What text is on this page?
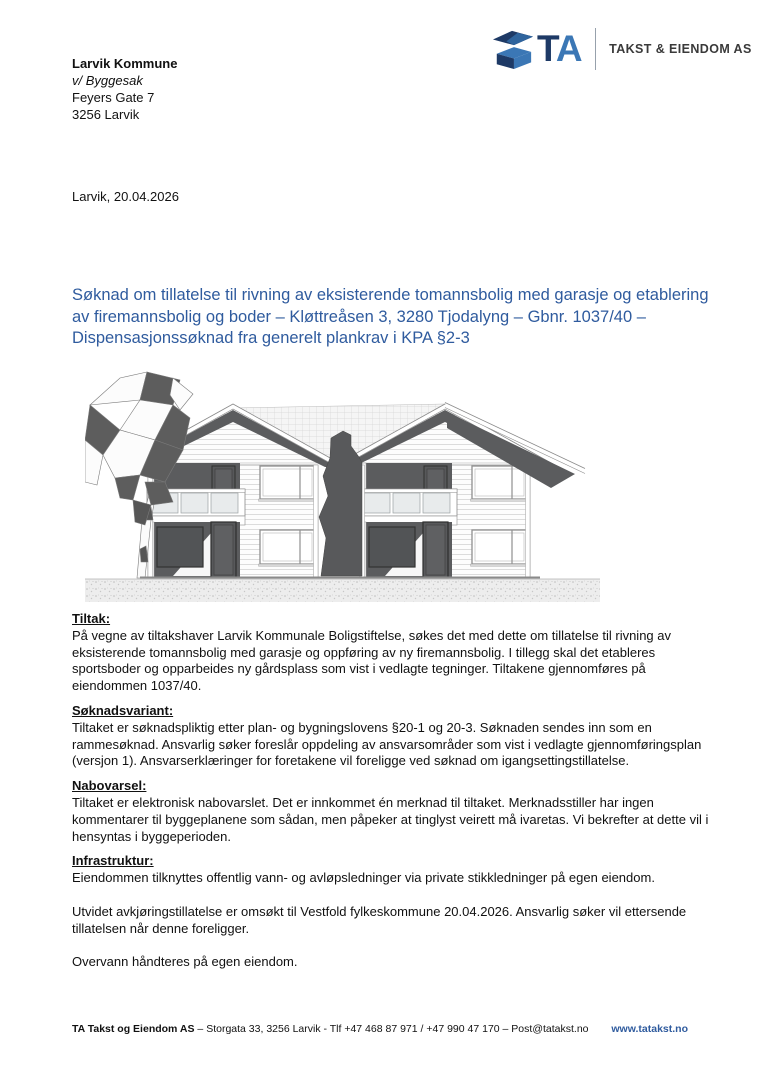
Larvik Kommune
v/ Byggesak
Feyers Gate 7
3256 Larvik
TA TAKST & EIENDOM AS
Larvik, 20.04.2026
Søknad om tillatelse til rivning av eksisterende tomannsbolig med garasje og etablering av firemannsbolig og boder – Kløttreåsen 3, 3280 Tjodalyng – Gbnr. 1037/40 – Dispensasjonssøknad fra generelt plankrav i KPA §2-3
Tiltak:

På vegne av tiltakshaver Larvik Kommunale Boligstiftelse, søkes det med dette om tillatelse til rivning av eksisterende tomannsbolig med garasje og oppføring av ny firemannsbolig. I tillegg skal det etableres sportsboder og opparbeides ny gårdsplass som vist i vedlagte tegninger. Tiltakene gjennomføres på eiendommen 1037/40.

Søknadsvariant:

Tiltaket er søknadspliktig etter plan- og bygningslovens §20-1 og 20-3. Søknaden sendes inn som en rammesøknad. Ansvarlig søker foreslår oppdeling av ansvarsområder som vist i vedlagte gjennomføringsplan (versjon 1). Ansvarserklæringer for foretakene vil foreligge ved søknad om igangsettingstillatelse.

Nabovarsel:

Tiltaket er elektronisk nabovarslet. Det er innkommet én merknad til tiltaket. Merknadsstiller har ingen kommentarer til byggeplanene som sådan, men påpeker at tinglyst veirett må ivaretas. Vi bekrefter at dette vil i hensyntas i byggeperioden.

Infrastruktur:

Eiendommen tilknyttes offentlig vann- og avløpsledninger via private stikkledninger på egen eiendom.

Utvidet avkjøringstillatelse er omsøkt til Vestfold fylkeskommune 20.04.2026. Ansvarlig søker vil ettersende tillatelsen når denne foreligger.

Overvann håndteres på egen eiendom.

TA Takst og Eiendom AS – Storgata 33, 3256 Larvik - Tlf +47 468 87 971 / +47 990 47 170 – Post@tatakst.no www.tatakst.no
